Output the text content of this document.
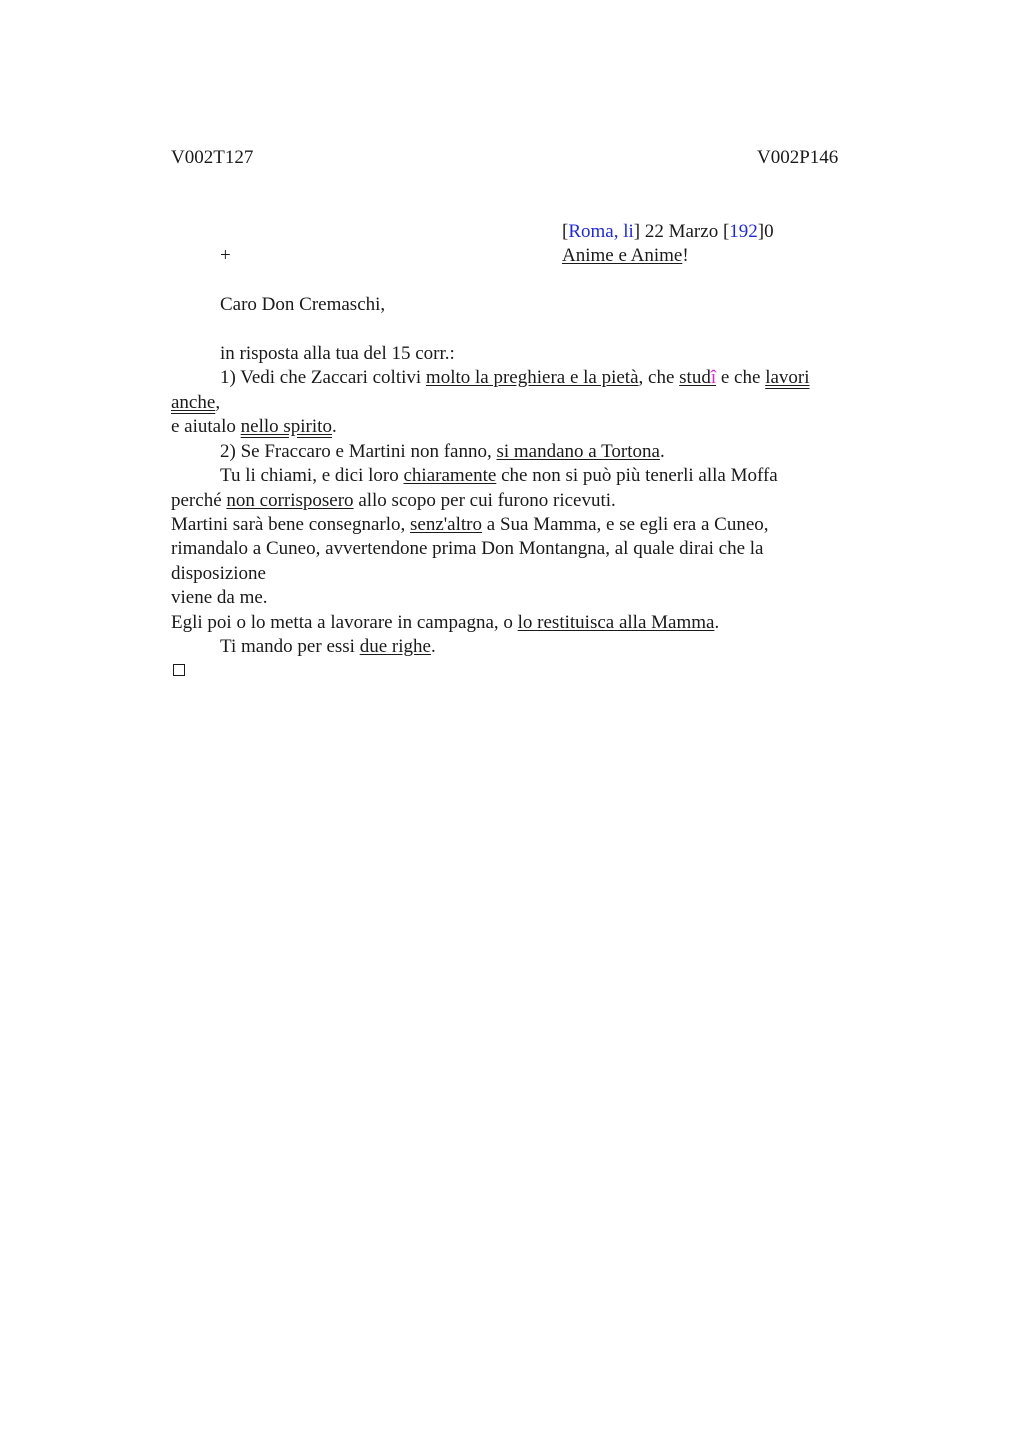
V002T127	V002P146
[Roma, li] 22 Marzo [192]0
+	Anime e Anime!
Caro Don Cremaschi,
in risposta alla tua del 15 corr.:
1) Vedi che Zaccari coltivi molto la preghiera e la pietà, che studî e che lavori
anche,
e aiutalo nello spirito.
2) Se Fraccaro e Martini non fanno, si mandano a Tortona.
Tu li chiami, e dici loro chiaramente che non si può più tenerli alla Moffa
perché non corrisposero allo scopo per cui furono ricevuti.
Martini sarà bene consegnarlo, senz'altro a Sua Mamma, e se egli era a Cuneo,
rimandalo a Cuneo, avvertendone prima Don Montangna, al quale dirai che la
disposizione
viene da me.
Egli poi o lo metta a lavorare in campagna, o lo restituisca alla Mamma.
Ti mando per essi due righe.
